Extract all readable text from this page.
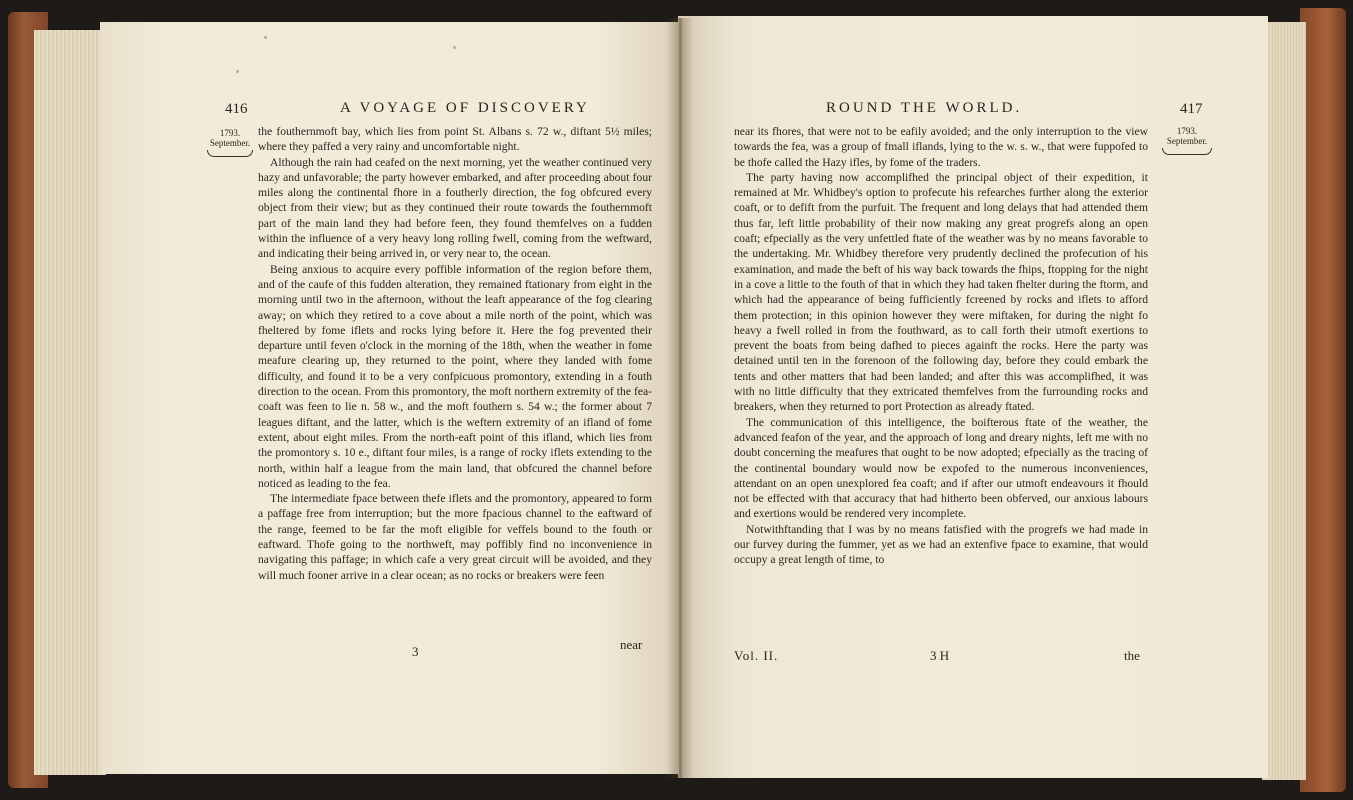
416	A VOYAGE OF DISCOVERY
1793.
September.

the fouthernmoft bay, which lies from point St. Albans s. 72 w., diftant 5½ miles; where they paffed a very rainy and uncomfortable night.

Although the rain had ceafed on the next morning, yet the weather continued very hazy and unfavorable; the party however embarked, and after proceeding about four miles along the continental fhore in a foutherly direction, the fog obfcured every object from their view; but as they continued their route towards the fouthernmoft part of the main land they had before feen, they found themfelves on a fudden within the influence of a very heavy long rolling fwell, coming from the weftward, and indicating their being arrived in, or very near to, the ocean.

Being anxious to acquire every poffible information of the region before them, and of the caufe of this fudden alteration, they remained ftationary from eight in the morning until two in the afternoon, without the leaft appearance of the fog clearing away; on which they retired to a cove about a mile north of the point, which was fheltered by fome iflets and rocks lying before it. Here the fog prevented their departure until feven o'clock in the morning of the 18th, when the weather in fome meafure clearing up, they returned to the point, where they landed with fome difficulty, and found it to be a very confpicuous promontory, extending in a fouth direction to the ocean. From this promontory, the moft northern extremity of the fea-coaft was feen to lie n. 58 w., and the moft fouthern s. 54 w.; the former about 7 leagues diftant, and the latter, which is the weftern extremity of an ifland of fome extent, about eight miles. From the north-eaft point of this ifland, which lies from the promontory s. 10 e., diftant four miles, is a range of rocky iflets extending to the north, within half a league from the main land, that obfcured the channel before noticed as leading to the fea.

The intermediate fpace between thefe iflets and the promontory, appeared to form a paffage free from interruption; but the more fpacious channel to the eaftward of the range, feemed to be far the moft eligible for veffels bound to the fouth or eaftward. Thofe going to the northweft, may poffibly find no inconvenience in navigating this paffage; in which cafe a very great circuit will be avoided, and they will much fooner arrive in a clear ocean; as no rocks or breakers were feen

3	near
ROUND THE WORLD.	417
1793.
September.

near its fhores, that were not to be eafily avoided; and the only interruption to the view towards the fea, was a group of fmall iflands, lying to the w. s. w., that were fuppofed to be thofe called the Hazy ifles, by fome of the traders.

The party having now accomplifhed the principal object of their expedition, it remained at Mr. Whidbey's option to profecute his refearches further along the exterior coaft, or to defift from the purfuit. The frequent and long delays that had attended them thus far, left little probability of their now making any great progrefs along an open coaft; efpecially as the very unfettled ftate of the weather was by no means favorable to the undertaking. Mr. Whidbey therefore very prudently declined the profecution of his examination, and made the beft of his way back towards the fhips, ftopping for the night in a cove a little to the fouth of that in which they had taken fhelter during the ftorm, and which had the appearance of being fufficiently fcreened by rocks and iflets to afford them protection; in this opinion however they were miftaken, for during the night fo heavy a fwell rolled in from the fouthward, as to call forth their utmoft exertions to prevent the boats from being dafhed to pieces againft the rocks. Here the party was detained until ten in the forenoon of the following day, before they could embark the tents and other matters that had been landed; and after this was accomplifhed, it was with no little difficulty that they extricated themfelves from the furrounding rocks and breakers, when they returned to port Protection as already ftated.

The communication of this intelligence, the boifterous ftate of the weather, the advanced feafon of the year, and the approach of long and dreary nights, left me with no doubt concerning the meafures that ought to be now adopted; efpecially as the tracing of the continental boundary would now be expofed to the numerous inconveniences, attendant on an open unexplored fea coaft; and if after our utmoft endeavours it fhould not be effected with that accuracy that had hitherto been obferved, our anxious labours and exertions would be rendered very incomplete.

Notwithftanding that I was by no means fatisfied with the progrefs we had made in our furvey during the fummer, yet as we had an extenfive fpace to examine, that would occupy a great length of time, to

Vol. II.	3 H	the
